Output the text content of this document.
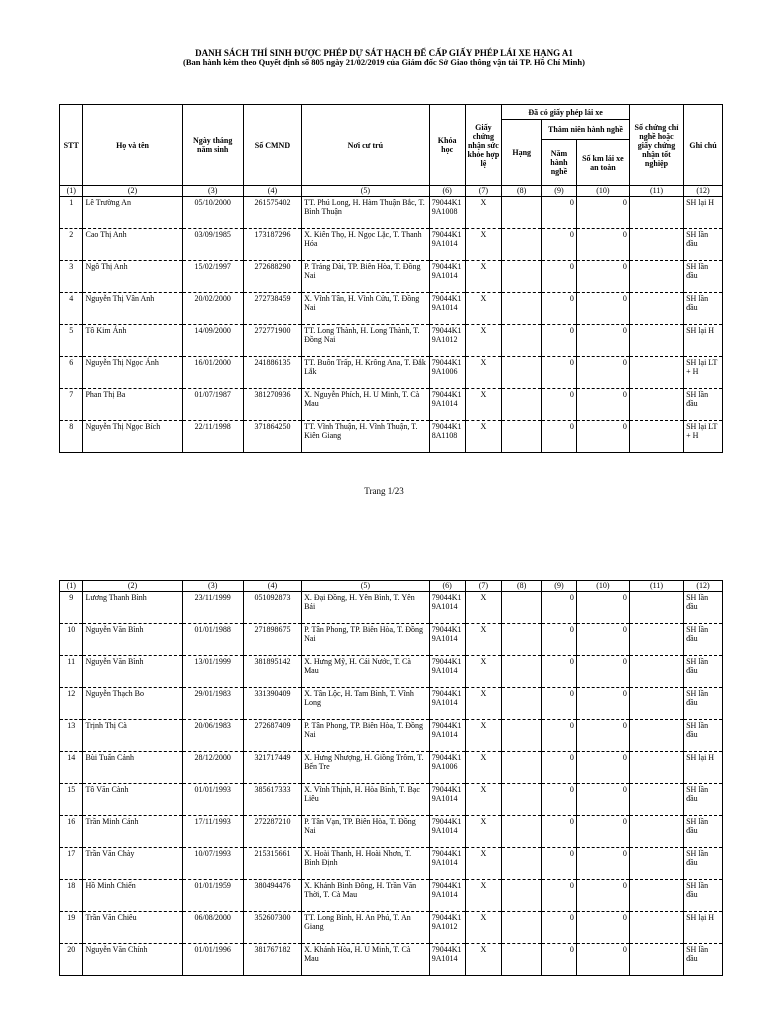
DANH SÁCH THÍ SINH ĐƯỢC PHÉP DỰ SÁT HẠCH ĐỂ CẤP GIẤY PHÉP LÁI XE HẠNG A1
(Ban hành kèm theo Quyết định số 805 ngày 21/02/2019 của Giám đốc Sở Giao thông vận tải TP. Hồ Chí Minh)
STT	Họ và tên	Ngày tháng năm sinh	Số CMND	Nơi cư trú	Khóa học	Giấy chứng nhận sức khỏe hợp lệ	Đã có giấy phép lái xe			Số chứng chỉ nghề hoặc giấy chứng nhận tốt nghiệp	Ghi chú
							Hạng	Thâm niên hành nghề			
								Năm hành nghề	Số km lái xe an toàn		
(1)	(2)	(3)	(4)	(5)	(6)	(7)	(8)	(9)	(10)	(11)	(12)
1	Lê Trường An	05/10/2000	261575402	TT. Phú Long, H. Hàm Thuận Bắc, T. Bình Thuận	79044K19A1008	X		0	0		SH lại H
2	Cao Thị Anh	03/09/1985	173187296	X. Kiên Thọ, H. Ngọc Lặc, T. Thanh Hóa	79044K19A1014	X		0	0		SH lần đầu
3	Ngô Thị Anh	15/02/1997	272688290	P. Trảng Dài, TP. Biên Hòa, T. Đồng Nai	79044K19A1014	X		0	0		SH lần đầu
4	Nguyễn Thị Vân Anh	20/02/2000	272738459	X. Vĩnh Tân, H. Vĩnh Cửu, T. Đồng Nai	79044K19A1014	X		0	0		SH lần đầu
5	Tô Kim Ánh	14/09/2000	272771900	TT. Long Thành, H. Long Thành, T. Đồng Nai	79044K19A1012	X		0	0		SH lại H
6	Nguyễn Thị Ngọc Ánh	16/01/2000	241886135	TT. Buôn Trấp, H. Krông Ana, T. Đắk Lắk	79044K19A1006	X		0	0		SH lại LT + H
7	Phan Thị Ba	01/07/1987	381270936	X. Nguyễn Phích, H. U Minh, T. Cà Mau	79044K19A1014	X		0	0		SH lần đầu
8	Nguyễn Thị Ngọc Bích	22/11/1998	371864250	TT. Vĩnh Thuận, H. Vĩnh Thuận, T. Kiên Giang	79044K18A1108	X		0	0		SH lại LT + H
Trang 1/23
(1)	(2)	(3)	(4)	(5)	(6)	(7)	(8)	(9)	(10)	(11)	(12)
9	Lương Thanh Bình	23/11/1999	051092873	X. Đại Đồng, H. Yên Bình, T. Yên Bái	79044K19A1014	X		0	0		SH lần đầu
10	Nguyễn Văn Bình	01/01/1988	271898675	P. Tân Phong, TP. Biên Hòa, T. Đồng Nai	79044K19A1014	X		0	0		SH lần đầu
11	Nguyễn Văn Bình	13/01/1999	381895142	X. Hưng Mỹ, H. Cái Nước, T. Cà Mau	79044K19A1014	X		0	0		SH lần đầu
12	Nguyễn Thạch Bo	29/01/1983	331390409	X. Tân Lộc, H. Tam Bình, T. Vĩnh Long	79044K19A1014	X		0	0		SH lần đầu
13	Trịnh Thị Cà	20/06/1983	272687409	P. Tân Phong, TP. Biên Hòa, T. Đồng Nai	79044K19A1014	X		0	0		SH lần đầu
14	Bùi Tuấn Cảnh	28/12/2000	321717449	X. Hưng Nhượng, H. Giồng Trôm, T. Bến Tre	79044K19A1006	X		0	0		SH lại H
15	Tô Văn Cành	01/01/1993	385617333	X. Vĩnh Thịnh, H. Hòa Bình, T. Bạc Liêu	79044K19A1014	X		0	0		SH lần đầu
16	Trần Minh Cảnh	17/11/1993	272287210	P. Tân Vạn, TP. Biên Hòa, T. Đồng Nai	79044K19A1014	X		0	0		SH lần đầu
17	Trần Văn Chày	10/07/1993	215315661	X. Hoài Thanh, H. Hoài Nhơn, T. Bình Định	79044K19A1014	X		0	0		SH lần đầu
18	Hồ Minh Chiến	01/01/1959	380494476	X. Khánh Bình Đông, H. Trần Văn Thời, T. Cà Mau	79044K19A1014	X		0	0		SH lần đầu
19	Trần Văn Chiêu	06/08/2000	352607300	TT. Long Bình, H. An Phú, T. An Giang	79044K19A1012	X		0	0		SH lại H
20	Nguyễn Văn Chính	01/01/1996	381767182	X. Khánh Hòa, H. U Minh, T. Cà Mau	79044K19A1014	X		0	0		SH lần đầu
